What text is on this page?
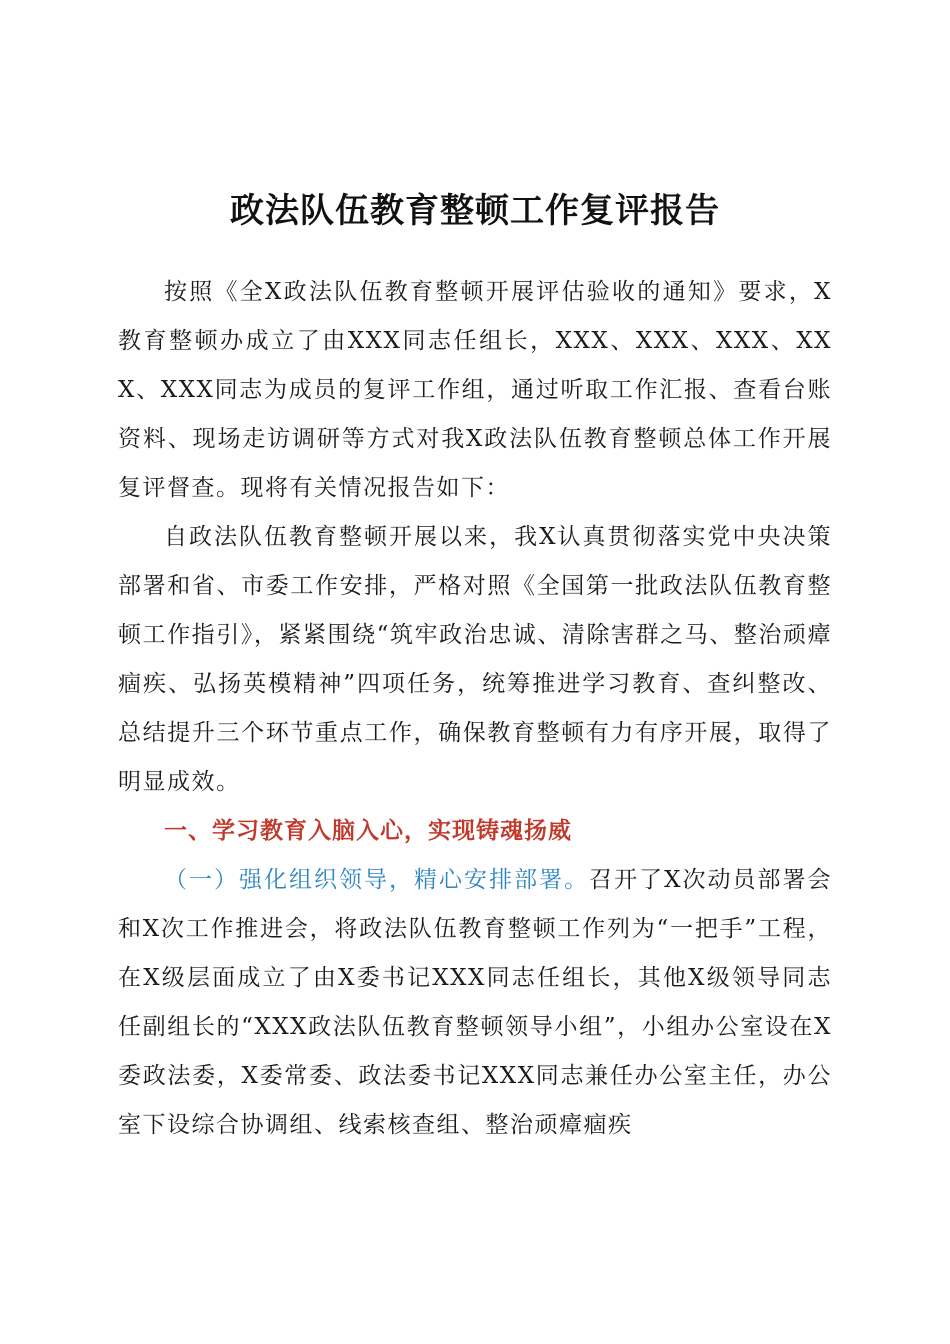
政法队伍教育整顿工作复评报告

按照《全X政法队伍教育整顿开展评估验收的通知》要求，X教育整顿办成立了由XXX同志任组长，XXX、XXX、XXX、XXX、XXX同志为成员的复评工作组，通过听取工作汇报、查看台账资料、现场走访调研等方式对我X政法队伍教育整顿总体工作开展复评督查。现将有关情况报告如下：

自政法队伍教育整顿开展以来，我X认真贯彻落实党中央决策部署和省、市委工作安排，严格对照《全国第一批政法队伍教育整顿工作指引》，紧紧围绕“筑牢政治忠诚、清除害群之马、整治顽瘴痼疾、弘扬英模精神”四项任务，统筹推进学习教育、查纠整改、总结提升三个环节重点工作，确保教育整顿有力有序开展，取得了明显成效。

一、学习教育入脑入心，实现铸魂扬威

（一）强化组织领导，精心安排部署。召开了X次动员部署会和X次工作推进会，将政法队伍教育整顿工作列为“一把手”工程，在X级层面成立了由X委书记XXX同志任组长，其他X级领导同志任副组长的“XXX政法队伍教育整顿领导小组”，小组办公室设在X委政法委，X委常委、政法委书记XXX同志兼任办公室主任，办公室下设综合协调组、线索核查组、整治顽瘴痼疾
